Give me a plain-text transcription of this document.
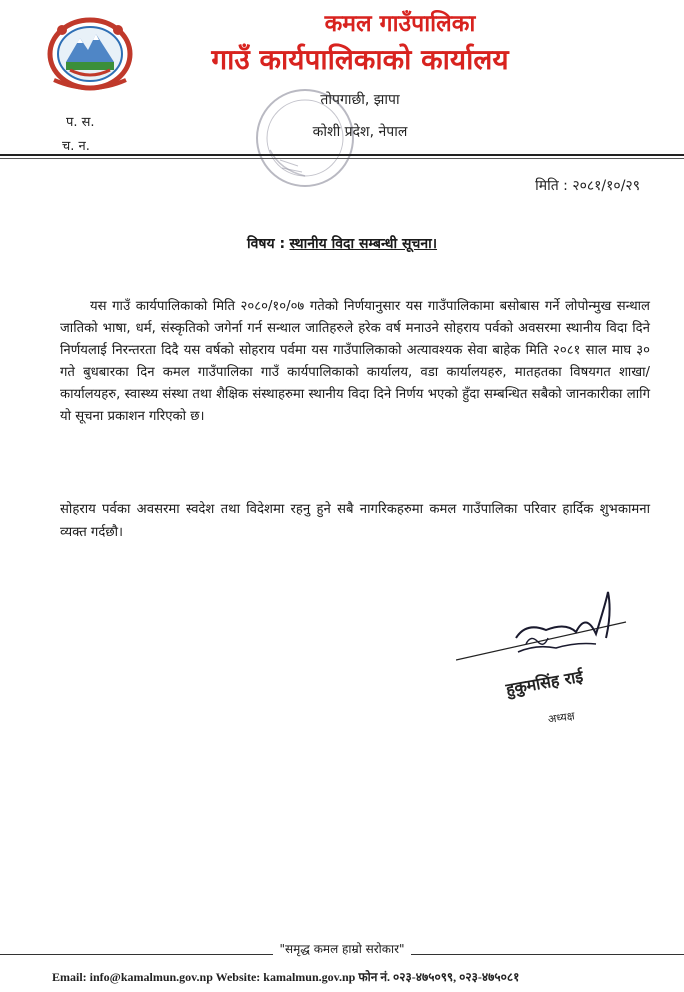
कमल गाउँपालिका
गाउँ कार्यपालिकाको कार्यालय
तोपगाछी, झापा
कोशी प्रदेश, नेपाल
प. स.
च. न.
मिति : २०८१/१०/२९
विषय : स्थानीय विदा सम्बन्धी सूचना।
यस गाउँ कार्यपालिकाको मिति २०८०/१०/०७ गतेको निर्णयानुसार यस गाउँपालिकामा बसोबास गर्ने लोपोन्मुख सन्थाल जातिको भाषा, धर्म, संस्कृतिको जगेर्ना गर्न सन्थाल जातिहरुले हरेक वर्ष मनाउने सोहराय पर्वको अवसरमा स्थानीय विदा दिने निर्णयलाई निरन्तरता दिदै यस वर्षको सोहराय पर्वमा यस गाउँपालिकाको अत्यावश्यक सेवा बाहेक मिति २०८१ साल माघ ३० गते बुधबारका दिन कमल गाउँपालिका गाउँ कार्यपालिकाको कार्यालय, वडा कार्यालयहरु, मातहतका विषयगत शाखा/कार्यालयहरु, स्वास्थ्य संस्था तथा शैक्षिक संस्थाहरुमा स्थानीय विदा दिने निर्णय भएको हुँदा सम्बन्धित सबैको जानकारीका लागि यो सूचना प्रकाशन गरिएको छ।
सोहराय पर्वका अवसरमा स्वदेश तथा विदेशमा रहनु हुने सबै नागरिकहरुमा कमल गाउँपालिका परिवार हार्दिक शुभकामना व्यक्त गर्दछौ।
हुकुमसिंह राई
अध्यक्ष
"समृद्ध कमल हाम्रो सरोकार"
Email: info@kamalmun.gov.np Website: kamalmun.gov.np फोन नं. ०२३-४७५०९९, ०२३-४७५०८१
